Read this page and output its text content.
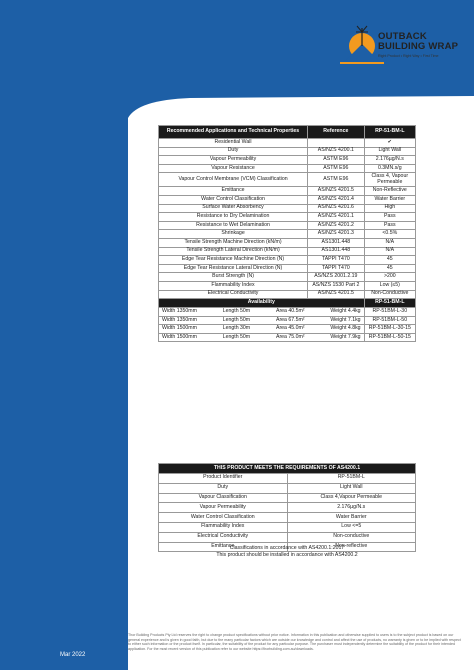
OUTBACK
BUILDING WRAP
Right Product • Right Way • First Time
Recommended Applications and Technical Properties	Reference	RP-51-BM-L
Residential Wall		✔
Duty	AS/NZS 4200.1	Light Wall
Vapour Permeability	ASTM E96	2.176µg/N.s
Vapour Resistance	ASTM E96	0.3MN.s/g
Vapour Control Membrane (VCM) Classification	ASTM E96	Class 4, Vapour Permeable
Emittance	AS/NZS 4201.5	Non-Reflective
Water Control Classification	AS/NZS 4201.4	Water Barrier
Surface Water Absorbency	AS/NZS 4201.6	High
Resistance to Dry Delamination	AS/NZS 4201.1	Pass
Resistance to Wet Delamination	AS/NZS 4201.2	Pass
Shrinkage	AS/NZS 4201.3	<0.5%
Tensile Strength Machine Direction (kN/m)	AS1301.448	N/A
Tensile Strength Lateral Direction (kN/m)	AS1301.448	N/A
Edge Tear Resistance Machine Direction (N)	TAPPI T470	45
Edge Tear Resistance Lateral Direction (N)	TAPPI T470	45
Burst Strength (N)	AS/NZS 2001.2.19	>200
Flammability Index	AS/NZS 1530 Part 2	Low (≤5)
Electrical Conductivity	AS/NZS 4201.5	Non-Conductive
Availability		RP-51-BM-L

Width 1350mm Length 50m Area 40.5m² Weight 4.4kg		RP-51BM-L-30

Width 1350mm Length 50m Area 67.5m² Weight 7.1kg		RP-51BM-L-50

Width 1500mm Length 30m Area 45.0m² Weight 4.8kg		RP-51BM-L-30-15

Width 1500mm Length 50m Area 75.0m² Weight 7.9kg		RP-51BM-L-50-15
THIS PRODUCT MEETS THE REQUIREMENTS OF AS4200.1	
Product Identifier	RP-51BM-L
Duty	Light Wall
Vapour Classification	Class 4,Vapour Permeable
Vapour Permeability	2.176µg/N.s
Water Control Classification	Water Barrier
Flammability Index	Low <=5
Electrical Conductivity	Non-conductive
Emittance	Non-reflective
Classifications in accordance with AS4200.1:2017
This product should be installed in accordance with AS4200.2
Thor Building Products Pty Ltd reserves the right to change product specifications without prior notice. Information in this publication and otherwise supplied to users is to the subject product is based on our general experience and is given in good faith, but due to the many particular factors which are outside our knowledge and control and affect the use of products, no warranty is given or to be implied with respect to either such information or the product itself. In particular, the suitability of the product for any particular purpose. The purchaser must independently determine the suitability of the product for their intended application. For the most recent version of this publication refer to our website https://thorbuilding.com.au/downloads.
Mar 2022
